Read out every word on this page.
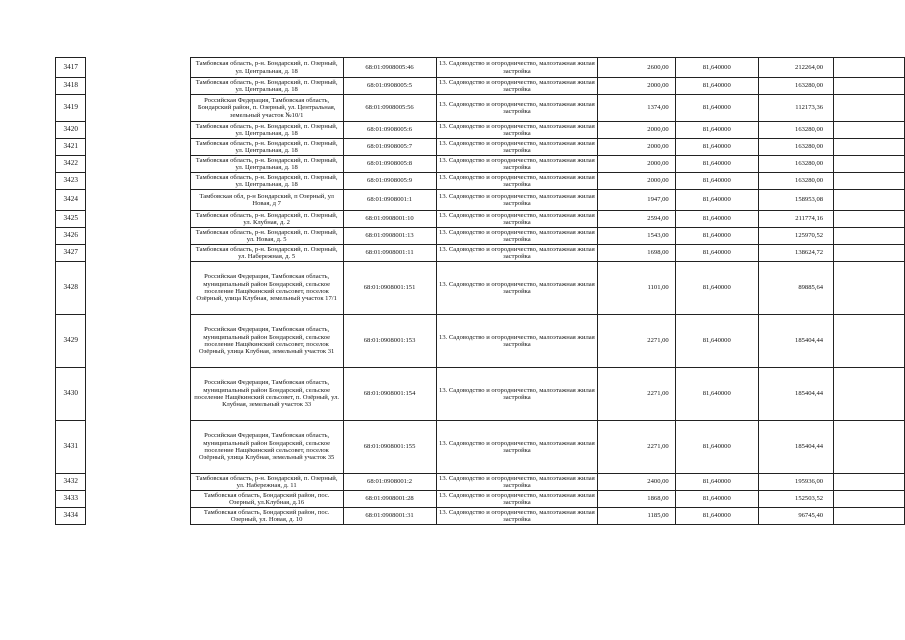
3417		Тамбовская область, р-н. Бондарский, п. Озерный, ул. Центральная, д. 18	68:01:0908005:46	13. Садоводство и огородничество, малоэтажная жилая застройка	2600,00	81,640000	212264,00	
3418		Тамбовская область, р-н. Бондарский, п. Озерный, ул. Центральная, д. 18	68:01:0908005:5	13. Садоводство и огородничество, малоэтажная жилая застройка	2000,00	81,640000	163280,00	
3419		Российская Федерация, Тамбовская область, Бондарский район, п. Озерный, ул. Центральная, земельный участок №10/1	68:01:0908005:56	13. Садоводство и огородничество, малоэтажная жилая застройка	1374,00	81,640000	112173,36	
3420		Тамбовская область, р-н. Бондарский, п. Озерный, ул. Центральная, д. 18	68:01:0908005:6	13. Садоводство и огородничество, малоэтажная жилая застройка	2000,00	81,640000	163280,00	
3421		Тамбовская область, р-н. Бондарский, п. Озерный, ул. Центральная, д. 18	68:01:0908005:7	13. Садоводство и огородничество, малоэтажная жилая застройка	2000,00	81,640000	163280,00	
3422		Тамбовская область, р-н. Бондарский, п. Озерный, ул. Центральная, д. 18	68:01:0908005:8	13. Садоводство и огородничество, малоэтажная жилая застройка	2000,00	81,640000	163280,00	
3423		Тамбовская область, р-н. Бондарский, п. Озерный, ул. Центральная, д. 18	68:01:0908005:9	13. Садоводство и огородничество, малоэтажная жилая застройка	2000,00	81,640000	163280,00	
3424		Тамбовская обл, р-н Бондарский, п Озерный, ул Новая, д 7	68:01:0908001:1	13. Садоводство и огородничество, малоэтажная жилая застройка	1947,00	81,640000	158953,08	
3425		Тамбовская область, р-н. Бондарский, п. Озерный, ул. Клубная, д. 2	68:01:0908001:10	13. Садоводство и огородничество, малоэтажная жилая застройка	2594,00	81,640000	211774,16	
3426		Тамбовская область, р-н. Бондарский, п. Озерный, ул. Новая, д. 5	68:01:0908001:13	13. Садоводство и огородничество, малоэтажная жилая застройка	1543,00	81,640000	125970,52	
3427		Тамбовская область, р-н. Бондарский, п. Озерный, ул. Набережная, д. 5	68:01:0908001:11	13. Садоводство и огородничество, малоэтажная жилая застройка	1698,00	81,640000	138624,72	
3428		Российская Федерация, Тамбовская область, муниципальный район Бондарский, сельское поселение Нащёкинский сельсовет, поселок Озёрный, улица Клубная, земельный участок 17/1	68:01:0908001:151	13. Садоводство и огородничество, малоэтажная жилая застройка	1101,00	81,640000	89885,64	
3429		Российская Федерация, Тамбовская область, муниципальный район Бондарский, сельское поселение Нащёкинский сельсовет, поселок Озёрный, улица Клубная, земельный участок 31	68:01:0908001:153	13. Садоводство и огородничество, малоэтажная жилая застройка	2271,00	81,640000	185404,44	
3430		Российская Федерация, Тамбовская область, муниципальный район Бондарский, сельское поселение Нащёкинский сельсовет, п. Озёрный, ул. Клубная, земельный участок 33	68:01:0908001:154	13. Садоводство и огородничество, малоэтажная жилая застройка	2271,00	81,640000	185404,44	
3431		Российская Федерация, Тамбовская область, муниципальный район Бондарский, сельское поселение Нащёкинский сельсовет, поселок Озёрный, улица Клубная, земельный участок 35	68:01:0908001:155	13. Садоводство и огородничество, малоэтажная жилая застройка	2271,00	81,640000	185404,44	
3432		Тамбовская область, р-н. Бондарский, п. Озерный, ул. Набережная, д. 11	68:01:0908001:2	13. Садоводство и огородничество, малоэтажная жилая застройка	2400,00	81,640000	195936,00	
3433		Тамбовская область, Бондарский район, пос. Озерный, ул.Клубная, д.16	68:01:0908001:28	13. Садоводство и огородничество, малоэтажная жилая застройка	1868,00	81,640000	152503,52	
3434		Тамбовская область, Бондарский район, пос. Озерный, ул. Новая, д. 10	68:01:0908001:31	13. Садоводство и огородничество, малоэтажная жилая застройка	1185,00	81,640000	96745,40	
